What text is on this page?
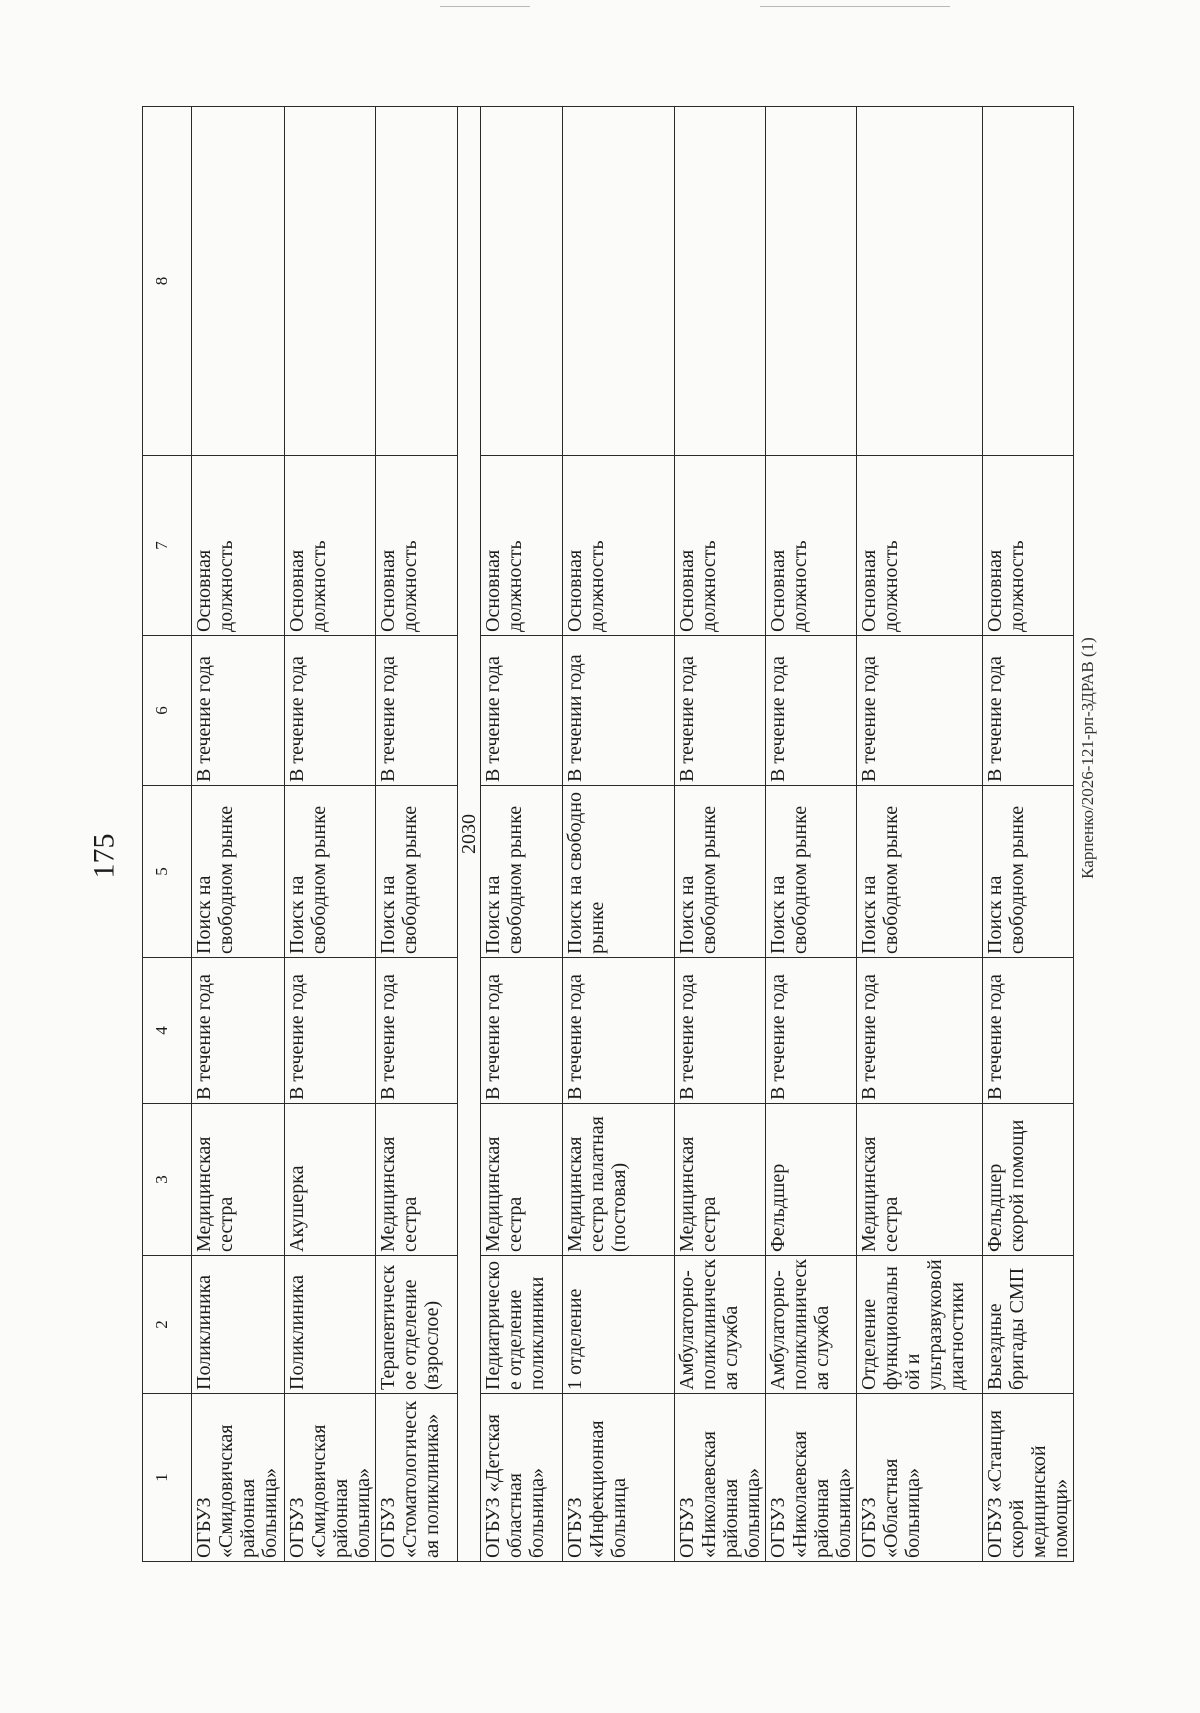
175	Карпенко/2026-121-рп-ЗДРАВ (1)
1	2	3	4	5	6	7	8
ОГБУЗ «Смидовичская районная больница»	Поликлиника	Медицинская сестра	В течение года	Поиск на свободном рынке	В течение года	Основная должность	
ОГБУЗ «Смидовичская районная больница»	Поликлиника	Акушерка	В течение года	Поиск на свободном рынке	В течение года	Основная должность	
ОГБУЗ «Стоматологическая поликлиника»	Терапевтическое отделение (взрослое)	Медицинская сестра	В течение года	Поиск на свободном рынке	В течение года	Основная должность	
2030							
ОГБУЗ «Детская областная больница»	Педиатрическое отделение поликлиники	Медицинская сестра	В течение года	Поиск на свободном рынке	В течение года	Основная должность	
ОГБУЗ «Инфекционная больница	1 отделение	Медицинская сестра палатная (постовая)	В течение года	Поиск на свободно рынке	В течении года	Основная должность	
ОГБУЗ «Николаевская районная больница»	Амбулаторно-поликлиническая служба	Медицинская сестра	В течение года	Поиск на свободном рынке	В течение года	Основная должность	
ОГБУЗ «Николаевская районная больница»	Амбулаторно-поликлиническая служба	Фельдшер	В течение года	Поиск на свободном рынке	В течение года	Основная должность	
ОГБУЗ «Областная больница»	Отделение функциональной и ультразвуковой диагностики	Медицинская сестра	В течение года	Поиск на свободном рынке	В течение года	Основная должность	
ОГБУЗ «Станция скорой медицинской помощи»	Выездные бригады СМП	Фельдшер скорой помощи	В течение года	Поиск на свободном рынке	В течение года	Основная должность	
